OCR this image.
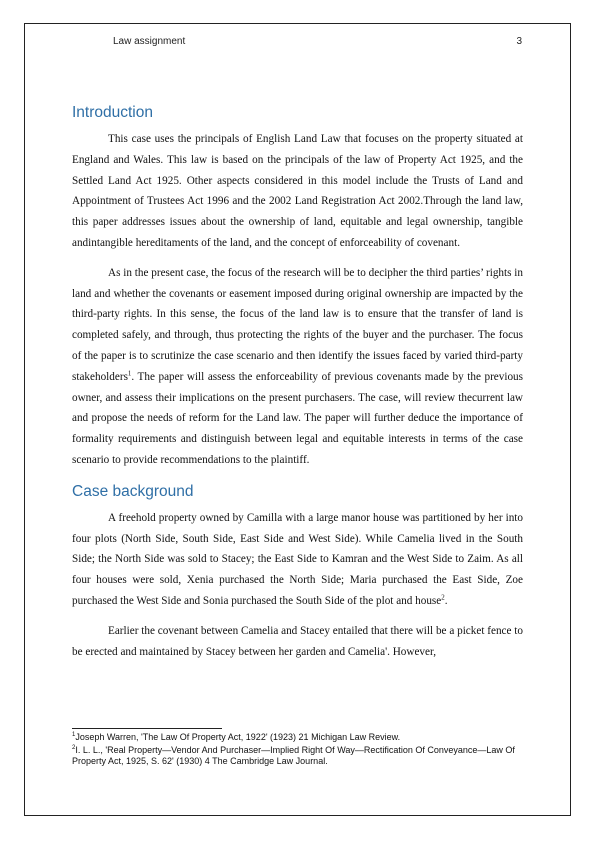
Law assignment	3
Introduction

This case uses the principals of English Land Law that focuses on the property situated at England and Wales. This law is based on the principals of the law of Property Act 1925, and the Settled Land Act 1925. Other aspects considered in this model include the Trusts of Land and Appointment of Trustees Act 1996 and the 2002 Land Registration Act 2002.Through the land law, this paper addresses issues about the ownership of land, equitable and legal ownership, tangible andintangible hereditaments of the land, and the concept of enforceability of covenant.

As in the present case, the focus of the research will be to decipher the third parties’ rights in land and whether the covenants or easement imposed during original ownership are impacted by the third-party rights. In this sense, the focus of the land law is to ensure that the transfer of land is completed safely, and through, thus protecting the rights of the buyer and the purchaser. The focus of the paper is to scrutinize the case scenario and then identify the issues faced by varied third-party stakeholders$^1$. The paper will assess the enforceability of previous covenants made by the previous owner, and assess their implications on the present purchasers. The case, will review thecurrent law and propose the needs of reform for the Land law. The paper will further deduce the importance of formality requirements and distinguish between legal and equitable interests in terms of the case scenario to provide recommendations to the plaintiff.

Case background

A freehold property owned by Camilla with a large manor house was partitioned by her into four plots (North Side, South Side, East Side and West Side). While Camelia lived in the South Side; the North Side was sold to Stacey; the East Side to Kamran and the West Side to Zaim. As all four houses were sold, Xenia purchased the North Side; Maria purchased the East Side, Zoe purchased the West Side and Sonia purchased the South Side of the plot and house$^2$.

Earlier the covenant between Camelia and Stacey entailed that there will be a picket fence to be erected and maintained by Stacey between her garden and Camelia'. However,

$^1$Joseph Warren, 'The Law Of Property Act, 1922' (1923) 21 Michigan Law Review.

$^2$I. L. L., 'Real Property—Vendor And Purchaser—Implied Right Of Way—Rectification Of Conveyance—Law Of Property Act, 1925, S. 62' (1930) 4 The Cambridge Law Journal.
